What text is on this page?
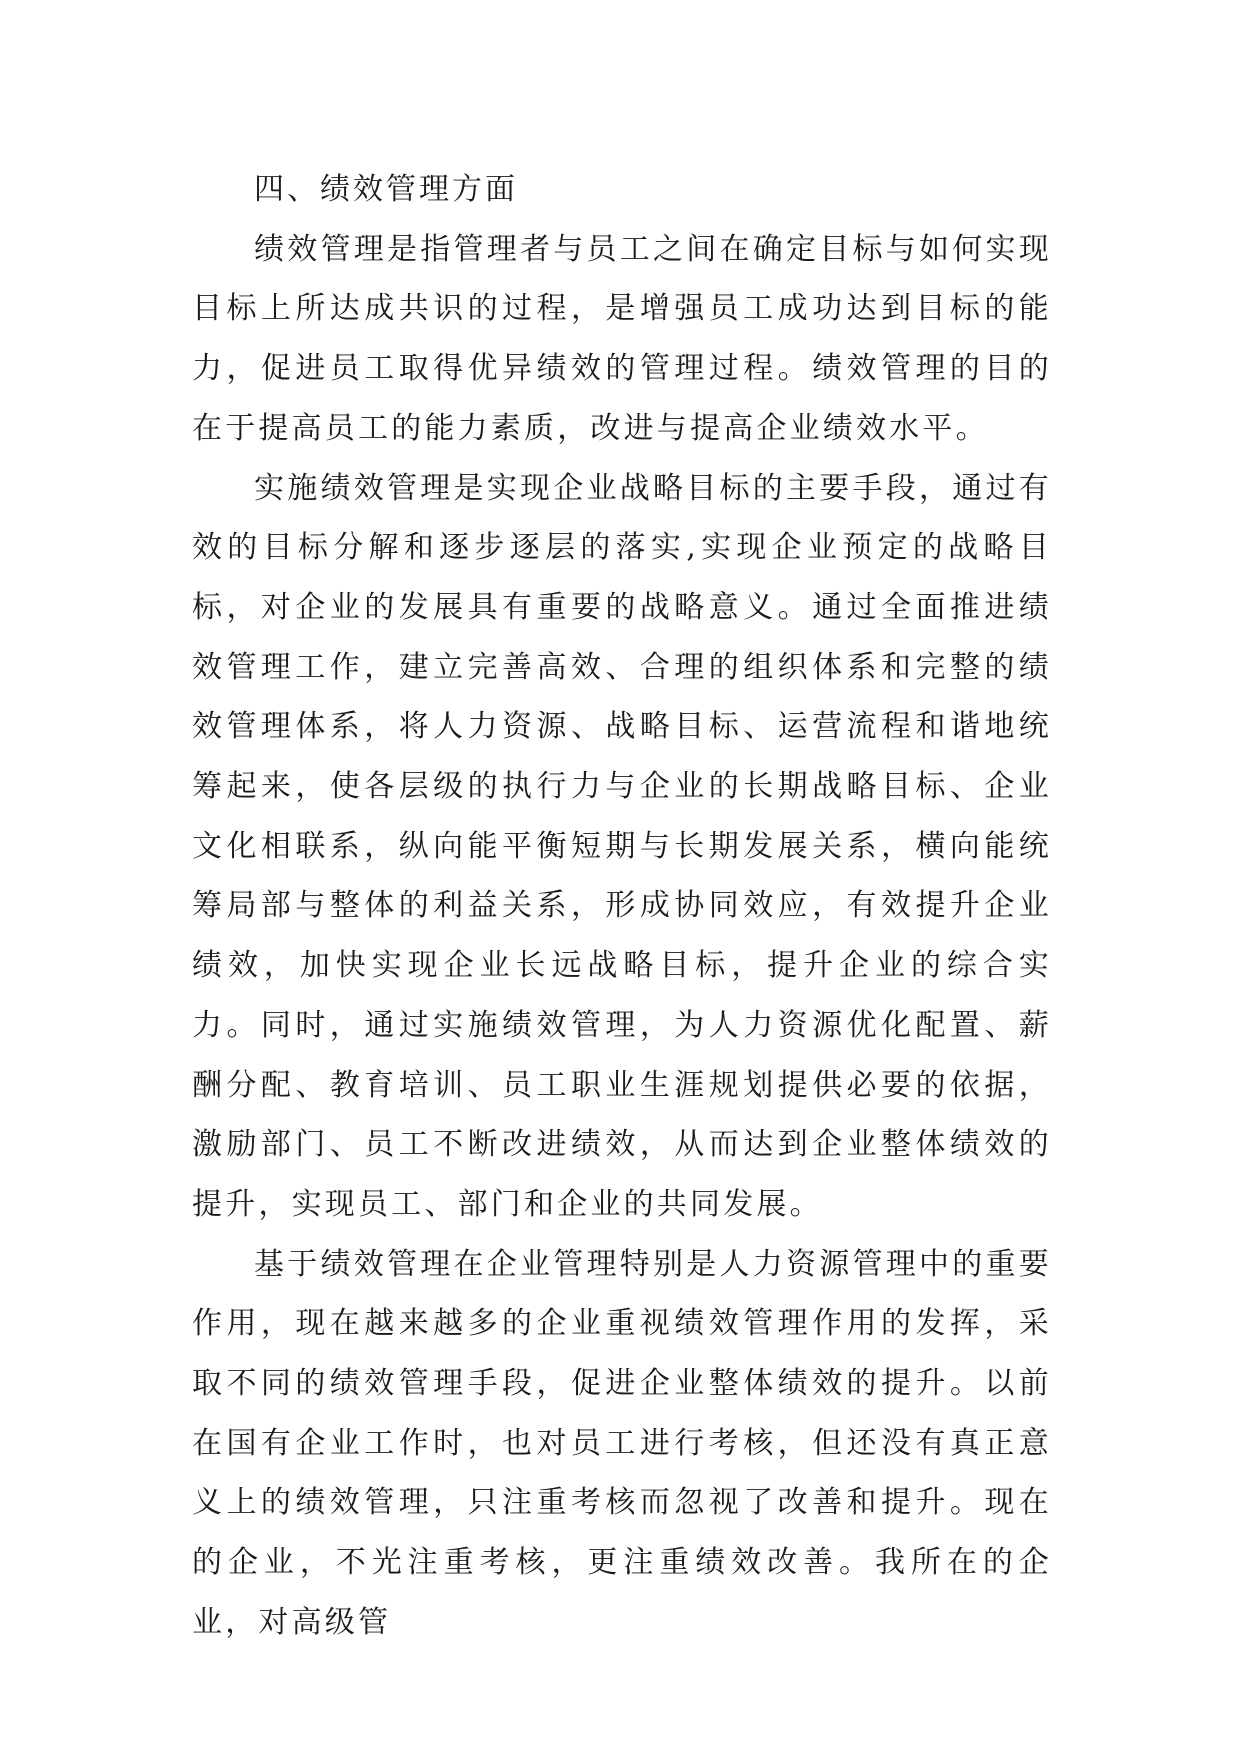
四、绩效管理方面

绩效管理是指管理者与员工之间在确定目标与如何实现目标上所达成共识的过程，是增强员工成功达到目标的能力，促进员工取得优异绩效的管理过程。绩效管理的目的在于提高员工的能力素质，改进与提高企业绩效水平。

实施绩效管理是实现企业战略目标的主要手段，通过有效的目标分解和逐步逐层的落实,实现企业预定的战略目标，对企业的发展具有重要的战略意义。通过全面推进绩效管理工作，建立完善高效、合理的组织体系和完整的绩效管理体系，将人力资源、战略目标、运营流程和谐地统筹起来，使各层级的执行力与企业的长期战略目标、企业文化相联系，纵向能平衡短期与长期发展关系，横向能统筹局部与整体的利益关系，形成协同效应，有效提升企业绩效，加快实现企业长远战略目标，提升企业的综合实力。同时，通过实施绩效管理，为人力资源优化配置、薪酬分配、教育培训、员工职业生涯规划提供必要的依据，激励部门、员工不断改进绩效，从而达到企业整体绩效的提升，实现员工、部门和企业的共同发展。

基于绩效管理在企业管理特别是人力资源管理中的重要作用，现在越来越多的企业重视绩效管理作用的发挥，采取不同的绩效管理手段，促进企业整体绩效的提升。以前在国有企业工作时，也对员工进行考核，但还没有真正意义上的绩效管理，只注重考核而忽视了改善和提升。现在的企业，不光注重考核，更注重绩效改善。我所在的企业，对高级管
